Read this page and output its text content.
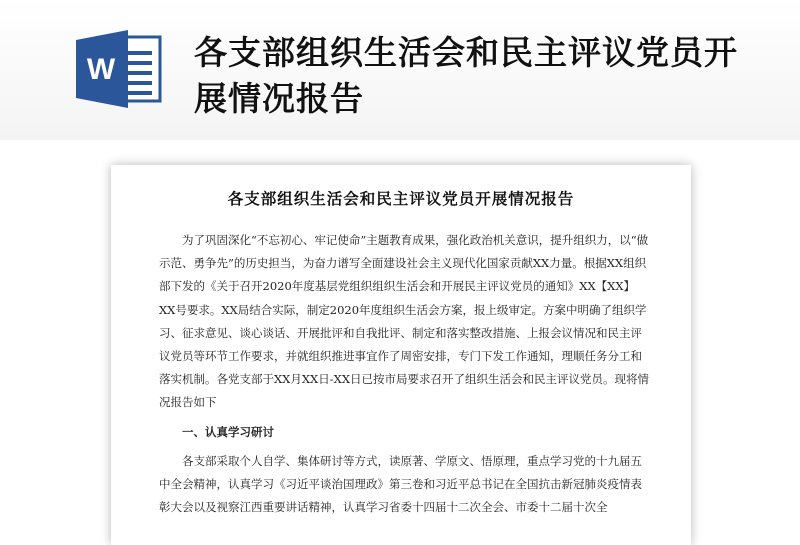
W 各支部组织生活会和民主评议党员开展情况报告
各支部组织生活会和民主评议党员开展情况报告

为了巩固深化“不忘初心、牢记使命”主题教育成果，强化政治机关意识，提升组织力，以“做示范、勇争先”的历史担当，为奋力谱写全面建设社会主义现代化国家贡献XX力量。根据XX组织部下发的《关于召开2020年度基层党组织组织生活会和开展民主评议党员的通知》XX【XX】XX号要求。XX局结合实际，制定2020年度组织生活会方案，报上级审定。方案中明确了组织学习、征求意见、谈心谈话、开展批评和自我批评、制定和落实整改措施、上报会议情况和民主评议党员等环节工作要求，并就组织推进事宜作了周密安排，专门下发工作通知，理顺任务分工和落实机制。各党支部于XX月XX日-XX日已按市局要求召开了组织生活会和民主评议党员。现将情况报告如下

一、认真学习研讨

各支部采取个人自学、集体研讨等方式，读原著、学原文、悟原理，重点学习党的十九届五中全会精神，认真学习《习近平谈治国理政》第三卷和习近平总书记在全国抗击新冠肺炎疫情表彰大会以及视察江西重要讲话精神，认真学习省委十四届十二次全会、市委十二届十次全
